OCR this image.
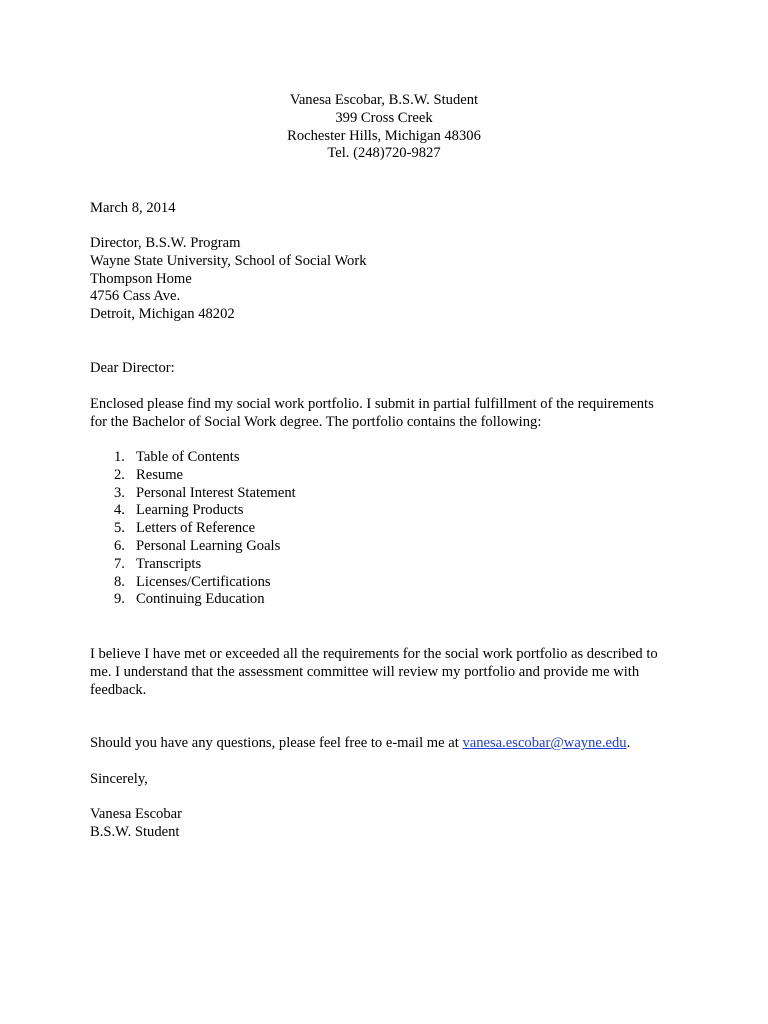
Vanesa Escobar, B.S.W. Student
399 Cross Creek
Rochester Hills, Michigan 48306
Tel. (248)720-9827
March 8, 2014
Director, B.S.W. Program
Wayne State University, School of Social Work
Thompson Home
4756 Cass Ave.
Detroit, Michigan 48202
Dear Director:
Enclosed please find my social work portfolio. I submit in partial fulfillment of the requirements
for the Bachelor of Social Work degree. The portfolio contains the following:
1. Table of Contents
2. Resume
3. Personal Interest Statement
4. Learning Products
5. Letters of Reference
6. Personal Learning Goals
7. Transcripts
8. Licenses/Certifications
9. Continuing Education
I believe I have met or exceeded all the requirements for the social work portfolio as described to
me. I understand that the assessment committee will review my portfolio and provide me with
feedback.
Should you have any questions, please feel free to e-mail me at vanesa.escobar@wayne.edu.
Sincerely,
Vanesa Escobar
B.S.W. Student
